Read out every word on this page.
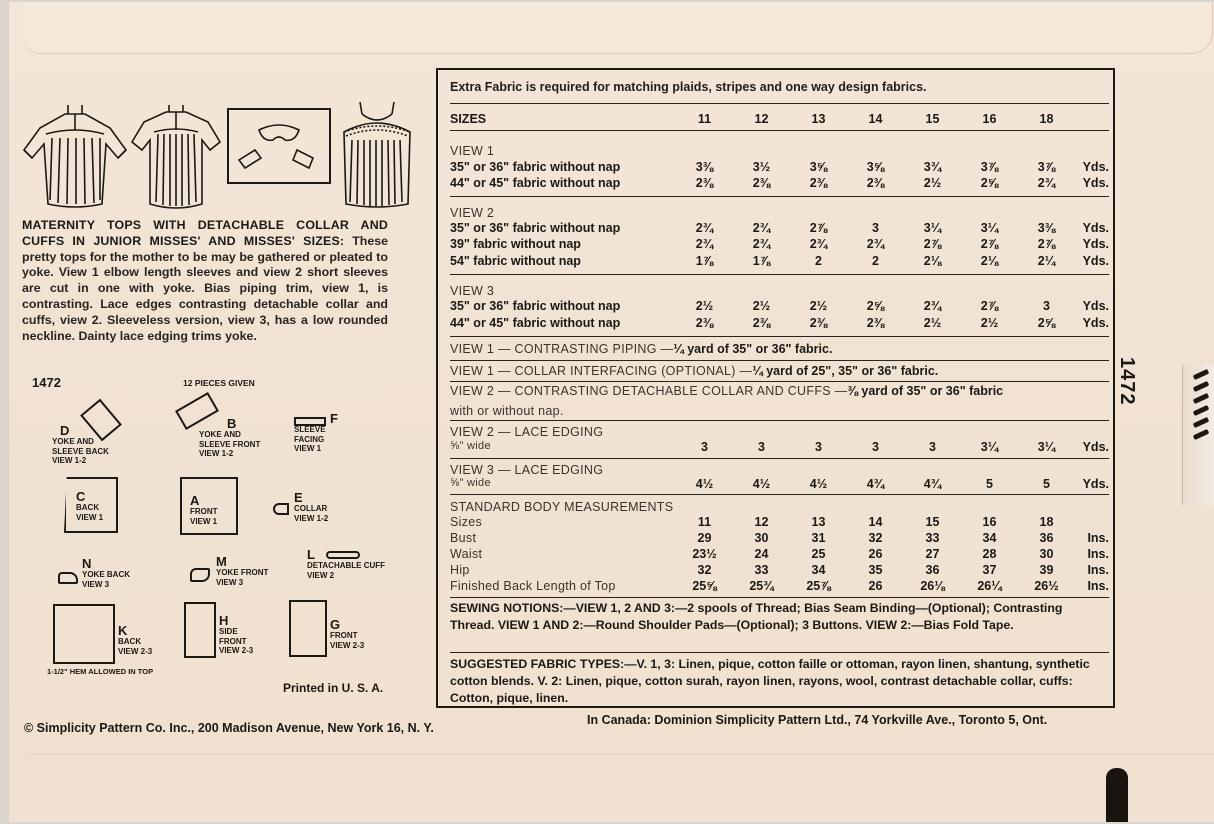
MATERNITY TOPS WITH DETACHABLE COLLAR AND CUFFS IN JUNIOR MISSES' AND MISSES' SIZES: These pretty tops for the mother to be may be gathered or pleated to yoke. View 1 elbow length sleeves and view 2 short sleeves are cut in one with yoke. Bias piping trim, view 1, is contrasting. Lace edges contrasting detachable collar and cuffs, view 2. Sleeveless version, view 3, has a low rounded neckline. Dainty lace edging trims yoke.
1472	12 PIECES GIVEN
D
YOKE AND SLEEVE BACK
VIEW 1-2
B
YOKE AND SLEEVE FRONT
VIEW 1-2
F
SLEEVE FACING
VIEW 1
C
BACK
VIEW 1
A
FRONT
VIEW 1
E
COLLAR
VIEW 1-2
N
YOKE BACK
VIEW 3
M
YOKE FRONT
VIEW 3
L
DETACHABLE CUFF
VIEW 2
K
BACK
VIEW 2-3
1-1/2" HEM ALLOWED IN TOP
H
SIDE FRONT
VIEW 2-3
G
FRONT
VIEW 2-3
Printed in U. S. A.
© Simplicity Pattern Co. Inc., 200 Madison Avenue, New York 16, N. Y.
In Canada: Dominion Simplicity Pattern Ltd., 74 Yorkville Ave., Toronto 5, Ont.
1472
Extra Fabric is required for matching plaids, stripes and one way design fabrics.
SIZES	11	12	13	14	15	16	18
VIEW 1
35" or 36" fabric without nap	3⅜	3½	3⅝	3⅝	3¾	3⅞	3⅞	Yds.
44" or 45" fabric without nap	2⅜	2⅜	2⅜	2⅜	2½	2⅝	2¾	Yds.
VIEW 2
35" or 36" fabric without nap	2¾	2¾	2⅞	3	3¼	3¼	3⅜	Yds.
39" fabric without nap	2¾	2¾	2¾	2¾	2⅞	2⅞	2⅞	Yds.
54" fabric without nap	1⅞	1⅞	2	2	2⅛	2⅛	2¼	Yds.
VIEW 3
35" or 36" fabric without nap	2½	2½	2½	2⅝	2¾	2⅞	3	Yds.
44" or 45" fabric without nap	2⅜	2⅜	2⅜	2⅜	2½	2½	2⅝	Yds.
VIEW 1 — CONTRASTING PIPING — ¼ yard of 35" or 36" fabric.
VIEW 1 — COLLAR INTERFACING (OPTIONAL) — ¼ yard of 25", 35" or 36" fabric.
VIEW 2 — CONTRASTING DETACHABLE COLLAR AND CUFFS — ⅜ yard of 35" or 36" fabric
with or without nap.
VIEW 2 — LACE EDGING
⅝" wide	3	3	3	3	3	3¼	3¼	Yds.
VIEW 3 — LACE EDGING
⅝" wide	4½	4½	4½	4¾	4¾	5	5	Yds.
STANDARD BODY MEASUREMENTS
Sizes	11	12	13	14	15	16	18
Bust	29	30	31	32	33	34	36	Ins.
Waist	23½	24	25	26	27	28	30	Ins.
Hip	32	33	34	35	36	37	39	Ins.
Finished Back Length of Top	25⅝	25¾	25⅞	26	26⅛	26¼	26½	Ins.
SEWING NOTIONS:—VIEW 1, 2 AND 3:—2 spools of Thread; Bias Seam Binding—(Optional); Contrasting Thread. VIEW 1 AND 2:—Round Shoulder Pads—(Optional); 3 Buttons. VIEW 2:—Bias Fold Tape.
SUGGESTED FABRIC TYPES:—V. 1, 3: Linen, pique, cotton faille or ottoman, rayon linen, shantung, synthetic cotton blends. V. 2: Linen, pique, cotton surah, rayon linen, rayons, wool, contrast detachable collar, cuffs: Cotton, pique, linen.
